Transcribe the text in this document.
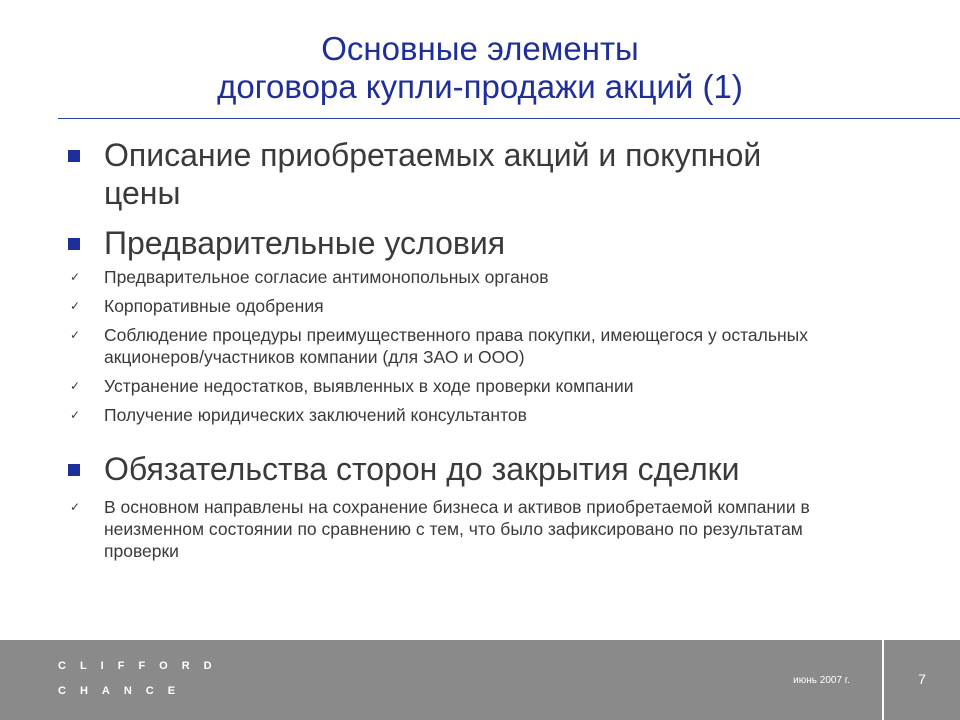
Основные элементы
договора купли-продажи акций (1)
Описание приобретаемых акций и покупной
цены
Предварительные условия
✓	Предварительное согласие антимонопольных органов
✓	Корпоративные одобрения
✓	Соблюдение процедуры преимущественного права покупки, имеющегося у остальных акционеров/участников компании (для ЗАО и ООО)
✓	Устранение недостатков, выявленных в ходе проверки компании
✓	Получение юридических заключений консультантов
Обязательства сторон до закрытия сделки
✓	В основном направлены на сохранение бизнеса и активов приобретаемой компании в неизменном состоянии по сравнению с тем, что было зафиксировано по результатам проверки
CLIFFORD
CHANCE
июнь 2007 г.	7
